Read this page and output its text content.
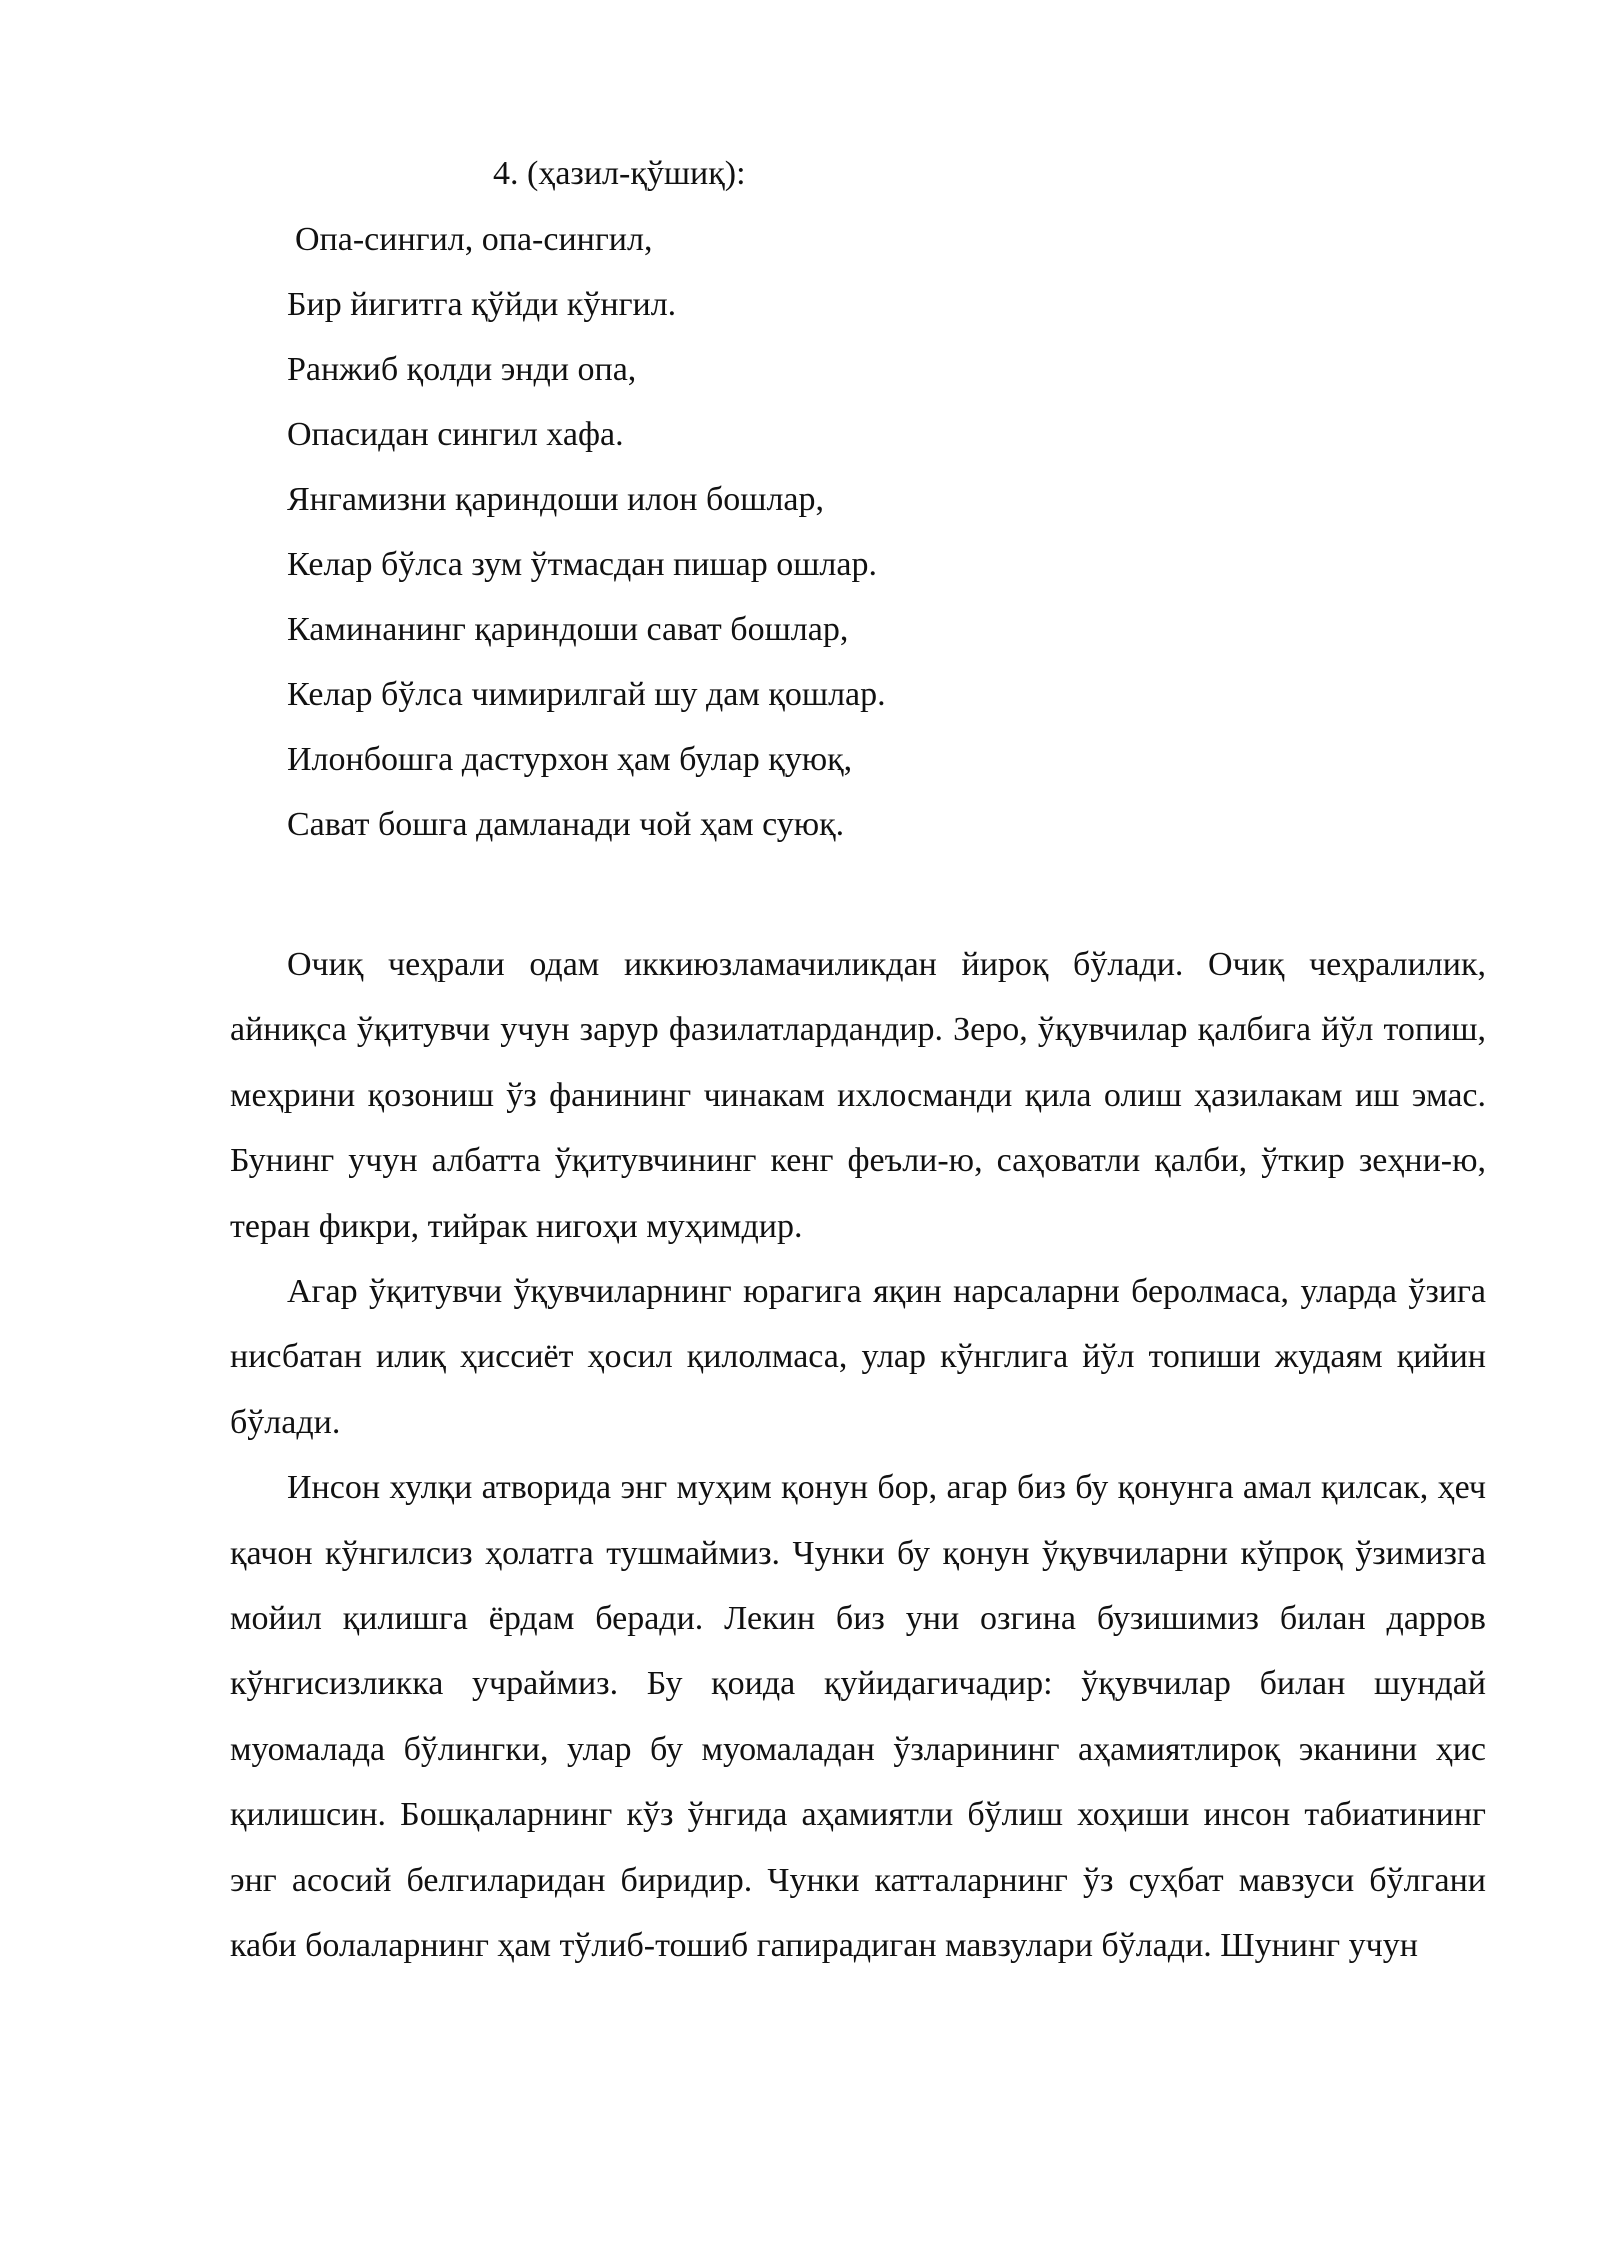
4. (ҳазил-қўшиқ):
Опа-сингил, опа-сингил,
Бир йигитга қўйди кўнгил.
Ранжиб қолди энди опа,
Опасидан сингил хафа.
Янгамизни қариндоши илон бошлар,
Келар бўлса зум ўтмасдан пишар ошлар.
Каминанинг қариндоши сават бошлар,
Келар бўлса чимирилгай шу дам қошлар.
Илонбошга дастурхон ҳам булар қуюқ,
Сават бошга дамланади чой ҳам суюқ.

Очиқ чеҳрали одам иккиюзламачиликдан йироқ бўлади. Очиқ чеҳралилик, айниқса ўқитувчи учун зарур фазилатлардандир. Зеро, ўқувчилар қалбига йўл топиш, меҳрини қозониш ўз фанининг чинакам ихлосманди қила олиш ҳазилакам иш эмас. Бунинг учун албатта ўқитувчининг кенг феъли-ю, саҳоватли қалби, ўткир зеҳни-ю, теран фикри, тийрак нигоҳи муҳимдир.

Агар ўқитувчи ўқувчиларнинг юрагига яқин нарсаларни беролмаса, уларда ўзига нисбатан илиқ ҳиссиёт ҳосил қилолмаса, улар кўнглига йўл топиши жудаям қийин бўлади.

Инсон хулқи атворида энг муҳим қонун бор, агар биз бу қонунга амал қилсак, ҳеч қачон кўнгилсиз ҳолатга тушмаймиз. Чунки бу қонун ўқувчиларни кўпроқ ўзимизга мойил қилишга ёрдам беради. Лекин биз уни озгина бузишимиз билан дарров кўнгисизликка учраймиз. Бу қоида қуйидагичадир: ўқувчилар билан шундай муомалада бўлингки, улар бу муомаладан ўзларининг аҳамиятлироқ эканини ҳис қилишсин. Бошқаларнинг кўз ўнгида аҳамиятли бўлиш хоҳиши инсон табиатининг энг асосий белгиларидан биридир. Чунки катталарнинг ўз суҳбат мавзуси бўлгани каби болаларнинг ҳам тўлиб-тошиб гапирадиган мавзулари бўлади. Шунинг учун
